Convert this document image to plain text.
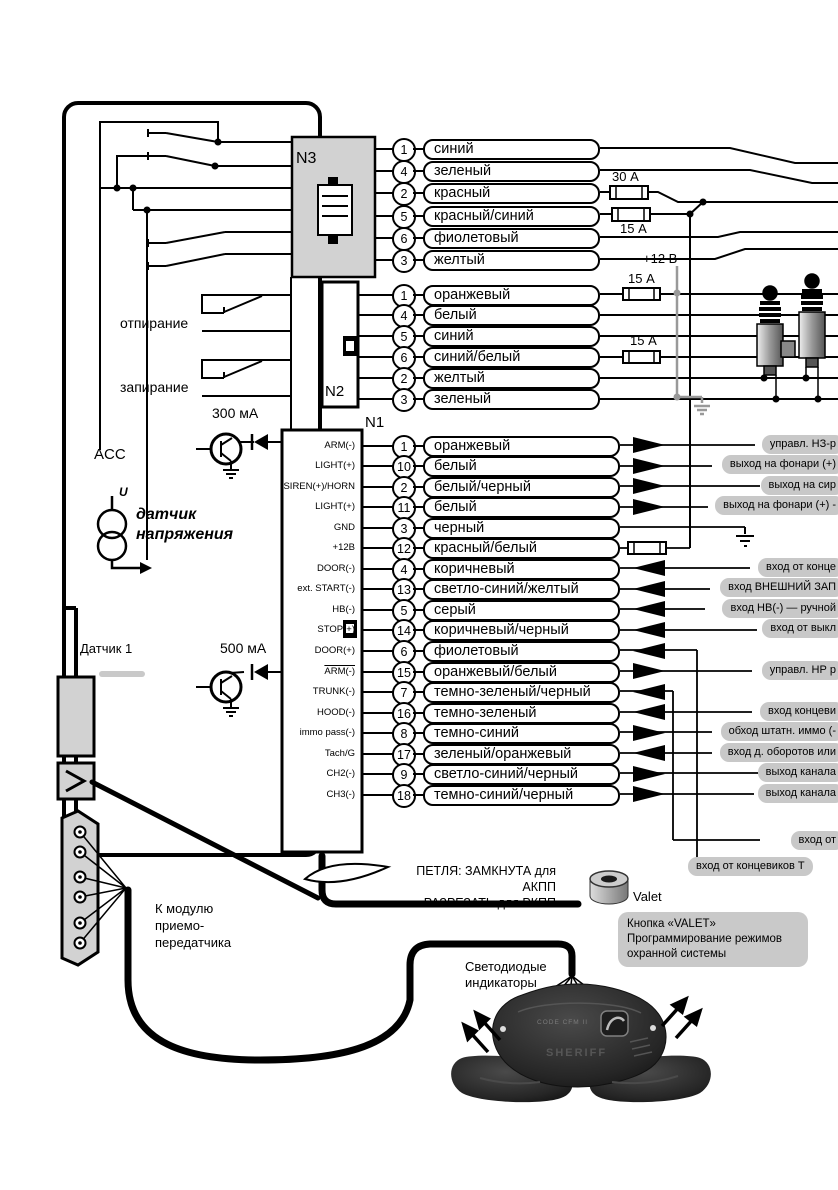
N3
N2
N1
30 А
15 А
+12 В
15 А
15 А
1	синий
4	зеленый
2	красный
5	красный/синий
6	фиолетовый
3	желтый
1	оранжевый
4	белый
5	синий
6	синий/белый
2	желтый
3	зеленый
ARM(-)	1	оранжевый	управл. НЗ-р
LIGHT(+)	10	белый	выход на фонари (+)
SIREN(+)/HORN	2	белый/черный	выход на сир
LIGHT(+)	11	белый	выход на фонари (+) -
GND	3	черный
+12B	12	красный/белый
DOOR(-)	4	коричневый	вход от конце
ext. START(-)	13	светло-синий/желтый	вход ВНЕШНИЙ ЗАП
HB(-)	5	серый	вход НВ(-) — ручной
STOP(+)	14	коричневый/черный	вход от выкл
DOOR(+)	6	фиолетовый
ARM(-)	15	оранжевый/белый	управл. НР р
TRUNK(-)	7	темно-зеленый/черный
HOOD(-)	16	темно-зеленый	вход концеви
immo pass(-)	8	темно-синий	обход штатн. иммо (-
Tach/G	17	зеленый/оранжевый	вход д. оборотов или
CH2(-)	9	светло-синий/черный	выход канала
CH3(-)	18	темно-синий/черный	выход канала
вход от
вход от концевиков Т
отпирание
запирание
300 мА
ACC
U
датчик
напряжения
500 мА
Датчик 1
К модулю
приемо-
передатчика
ПЕТЛЯ: ЗАМКНУТА для АКПП
РАЗРЕЗАТЬ для РКПП	Valet
Кнопка «VALET»
Программирование режимов
охранной системы
Светодиодые
индикаторы
CODE CFM II
SHERIFF
